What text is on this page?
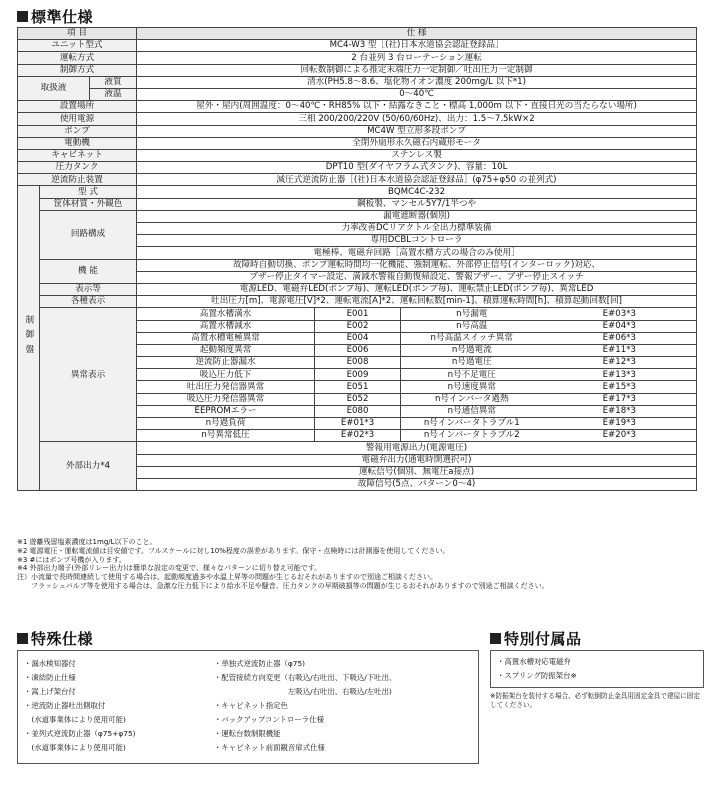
標準仕様
項 目			仕 様			
ユニット型式			MC4-W3 型［(社)日本水道協会認証登録品］			
運転方式			2 台並列 3 台ローテーション運転			
制御方式			回転数制御による推定末端圧力一定制御／吐出圧力一定制御			
取扱液		液質	清水(PH5.8〜8.6、塩化物イオン濃度 200mg/L 以下*1)			
		液温	0〜40℃			
設置場所			屋外・屋内(周囲温度：0〜40℃・RH85% 以下・結露なきこと・標高 1,000m 以下・直接日光の当たらない場所)			
使用電源			三相 200/200/220V (50/60/60Hz)、出力：1.5〜7.5kW×2			
ポンプ			MC4W 型立形多段ポンプ			
電動機			全閉外扇形永久磁石内蔵形モータ			
キャビネット			ステンレス製			
圧力タンク			DPT10 型(ダイヤフラム式タンク)、容量：10L			
逆流防止装置			減圧式逆流防止器［(社)日本水道協会認証登録品］(φ75+φ50 の並列式)			
制御盤	型 式		BQMC4C-232			
	筐体材質・外観色		鋼板製、マンセル5Y7/1半つや			
	回路構成		漏電遮断器(個別)			
			力率改善DCリアクトル全出力標準装備			
			専用DCBLコントローラ			
			電極棒、電磁弁回路［高置水槽方式の場合のみ使用］			
	機 能		故障時自動切換、ポンプ運転時間均一化機能、強制運転、外部停止信号(インターロック)対応、			
			ブザー停止タイマー設定、満減水警報自動復帰設定、警報ブザー、ブザー停止スイッチ			
	表示等		電源LED、電磁弁LED(ポンプ毎)、運転LED(ポンプ毎)、運転禁止LED(ポンプ毎)、異常LED			
	各種表示		吐出圧力[m]、電源電圧[V]*2、運転電流[A]*2、運転回転数[min-1]、積算運転時間[h]、積算起動回数[回]			
	異常表示		高置水槽満水	E001	n号漏電	E#03*3
			高置水槽減水	E002	n号高温	E#04*3
			高置水槽電極異常	E004	n号高温スイッチ異常	E#06*3
			起動頻度異常	E006	n号過電流	E#11*3
			逆流防止器漏水	E008	n号過電圧	E#12*3
			吸込圧力低下	E009	n号不足電圧	E#13*3
			吐出圧力発信器異常	E051	n号速度異常	E#15*3
			吸込圧力発信器異常	E052	n号インバータ過熱	E#17*3
			EEPROMエラー	E080	n号通信異常	E#18*3
			n号過負荷	E#01*3	n号インバータトラブル1	E#19*3
			n号異常低圧	E#02*3	n号インバータトラブル2	E#20*3
	外部出力*4		警報用電源出力(電源電圧)			
			電磁弁出力(通電時開選択可)			
			運転信号(個別、無電圧a接点)			
			故障信号(5点、パターン0〜4)			
※1 遊離残留塩素濃度は1mg/L以下のこと。
※2 電源電圧・運転電流値は目安値です。フルスケールに対し10%程度の誤差があります。保守・点検時には計測器を使用してください。
※3 #にはポンプ号機が入ります。
※4 外部出力端子(外部リレー出力)は簡単な設定の変更で、様々なパターンに切り替え可能です。
注）小流量で長時間連続して使用する場合は、起動頻度過多や水温上昇等の問題が生じるおそれがありますので別途ご相談ください。
　　フラッシュバルブ等を使用する場合は、急激な圧力低下により給水不足や騒音、圧力タンクの早期破損等の問題が生じるおそれがありますので別途ご相談ください。
特殊仕様
・漏水検知器付
・凍結防止仕様
・嵩上げ架台付
・逆流防止器吐出側取付
　(水道事業体により使用可能)
・並列式逆流防止器（φ75+φ75)
　(水道事業体により使用可能)
・単独式逆流防止器（φ75)
・配管接続方向変更（右吸込/右吐出、下吸込/下吐出、
　　　　　　　　　　左吸込/右吐出、右吸込/左吐出)
・キャビネット指定色
・バックアップコントローラ仕様
・運転台数制限機能
・キャビネット前面観音扉式仕様
特別付属品
・高置水槽対応電磁弁
・スプリング防振架台※
※防振架台を装付する場合、必ず転倒防止金具用固定金具で建屋に固定してください。
